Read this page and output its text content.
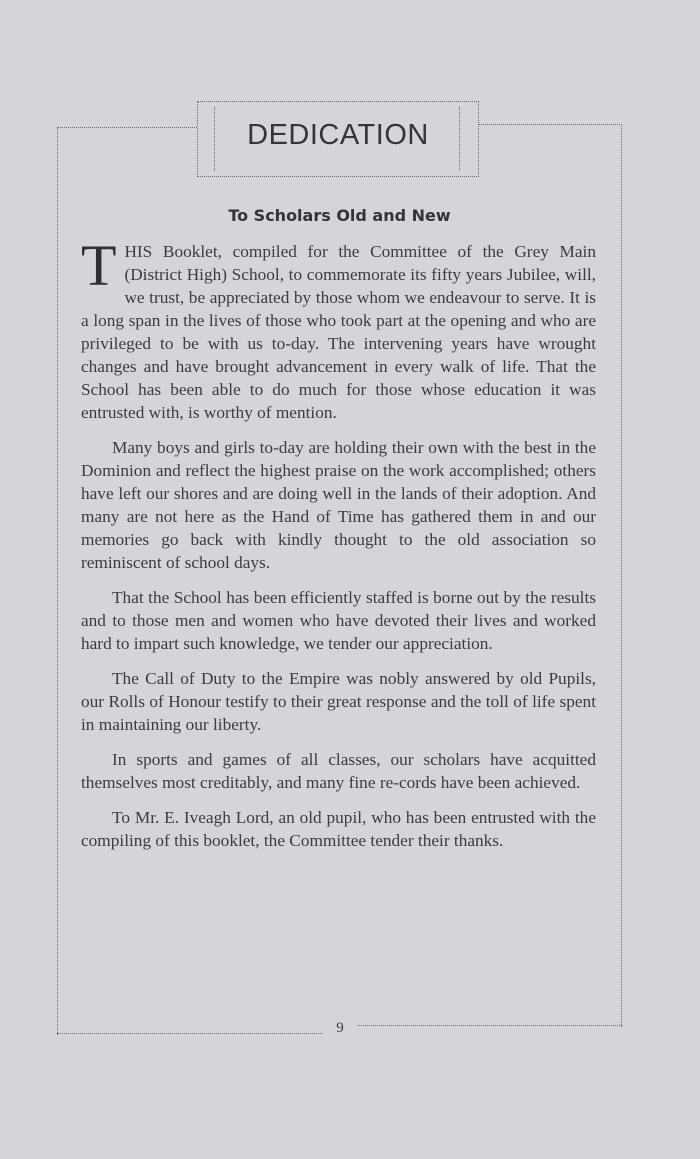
DEDICATION
To Scholars Old and New

THIS Booklet, compiled for the Committee of the Grey Main (District High) School, to commemorate its fifty years Jubilee, will, we trust, be appreciated by those whom we endeavour to serve. It is a long span in the lives of those who took part at the opening and who are privileged to be with us to-day. The intervening years have wrought changes and have brought advancement in every walk of life. That the School has been able to do much for those whose education it was entrusted with, is worthy of mention.

Many boys and girls to-day are holding their own with the best in the Dominion and reflect the highest praise on the work accomplished; others have left our shores and are doing well in the lands of their adoption. And many are not here as the Hand of Time has gathered them in and our memories go back with kindly thought to the old association so reminiscent of school days.

That the School has been efficiently staffed is borne out by the results and to those men and women who have devoted their lives and worked hard to impart such knowledge, we tender our appreciation.

The Call of Duty to the Empire was nobly answered by old Pupils, our Rolls of Honour testify to their great response and the toll of life spent in maintaining our liberty.

In sports and games of all classes, our scholars have acquitted themselves most creditably, and many fine re-cords have been achieved.

To Mr. E. Iveagh Lord, an old pupil, who has been entrusted with the compiling of this booklet, the Committee tender their thanks.

9
